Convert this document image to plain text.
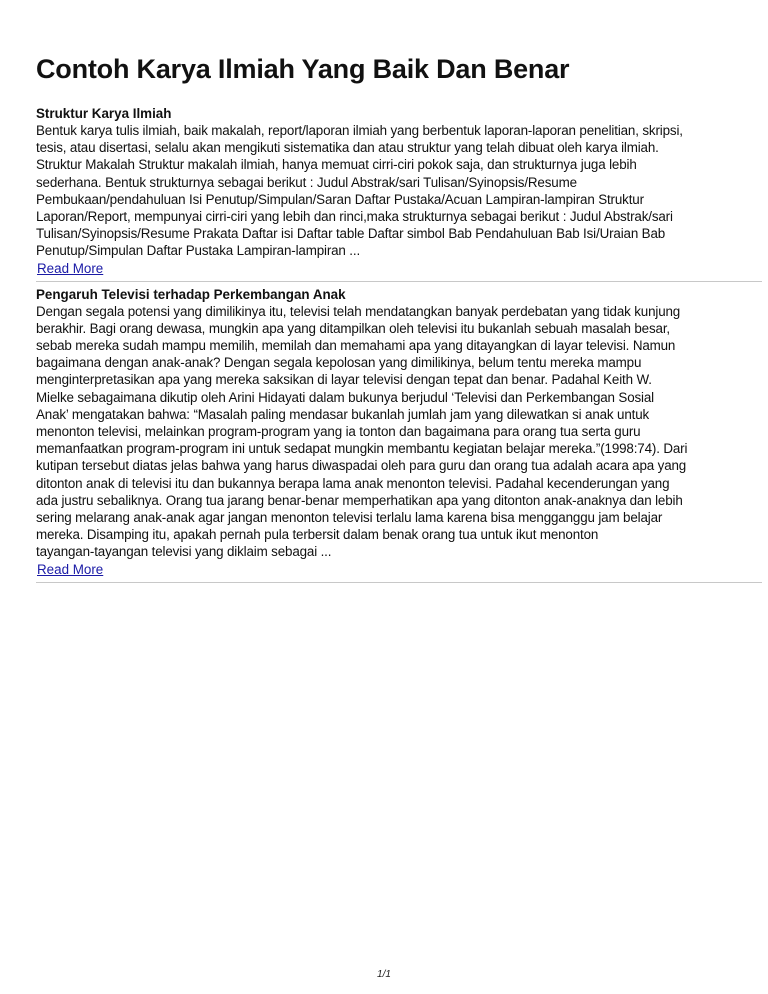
Contoh Karya Ilmiah Yang Baik Dan Benar

Struktur Karya Ilmiah

Bentuk karya tulis ilmiah, baik makalah, report/laporan ilmiah yang berbentuk laporan-laporan penelitian, skripsi,
tesis, atau disertasi, selalu akan mengikuti sistematika dan atau struktur yang telah dibuat oleh karya ilmiah.
Struktur Makalah Struktur makalah ilmiah, hanya memuat cirri-ciri pokok saja, dan strukturnya juga lebih
sederhana. Bentuk strukturnya sebagai berikut : Judul Abstrak/sari Tulisan/Syinopsis/Resume
Pembukaan/pendahuluan Isi Penutup/Simpulan/Saran Daftar Pustaka/Acuan Lampiran-lampiran Struktur
Laporan/Report, mempunyai cirri-ciri yang lebih dan rinci,maka strukturnya sebagai berikut : Judul Abstrak/sari
Tulisan/Syinopsis/Resume Prakata Daftar isi Daftar table Daftar simbol Bab Pendahuluan Bab Isi/Uraian Bab
Penutup/Simpulan Daftar Pustaka Lampiran-lampiran ...

Read More

Pengaruh Televisi terhadap Perkembangan Anak

Dengan segala potensi yang dimilikinya itu, televisi telah mendatangkan banyak perdebatan yang tidak kunjung
berakhir. Bagi orang dewasa, mungkin apa yang ditampilkan oleh televisi itu bukanlah sebuah masalah besar,
sebab mereka sudah mampu memilih, memilah dan memahami apa yang ditayangkan di layar televisi. Namun
bagaimana dengan anak-anak? Dengan segala kepolosan yang dimilikinya, belum tentu mereka mampu
menginterpretasikan apa yang mereka saksikan di layar televisi dengan tepat dan benar. Padahal Keith W.
Mielke sebagaimana dikutip oleh Arini Hidayati dalam bukunya berjudul ‘Televisi dan Perkembangan Sosial
Anak’ mengatakan bahwa: “Masalah paling mendasar bukanlah jumlah jam yang dilewatkan si anak untuk
menonton televisi, melainkan program-program yang ia tonton dan bagaimana para orang tua serta guru
memanfaatkan program-program ini untuk sedapat mungkin membantu kegiatan belajar mereka.”(1998:74). Dari
kutipan tersebut diatas jelas bahwa yang harus diwaspadai oleh para guru dan orang tua adalah acara apa yang
ditonton anak di televisi itu dan bukannya berapa lama anak menonton televisi. Padahal kecenderungan yang
ada justru sebaliknya. Orang tua jarang benar-benar memperhatikan apa yang ditonton anak-anaknya dan lebih
sering melarang anak-anak agar jangan menonton televisi terlalu lama karena bisa mengganggu jam belajar
mereka. Disamping itu, apakah pernah pula terbersit dalam benak orang tua untuk ikut menonton
tayangan-tayangan televisi yang diklaim sebagai ...

Read More
1/1
